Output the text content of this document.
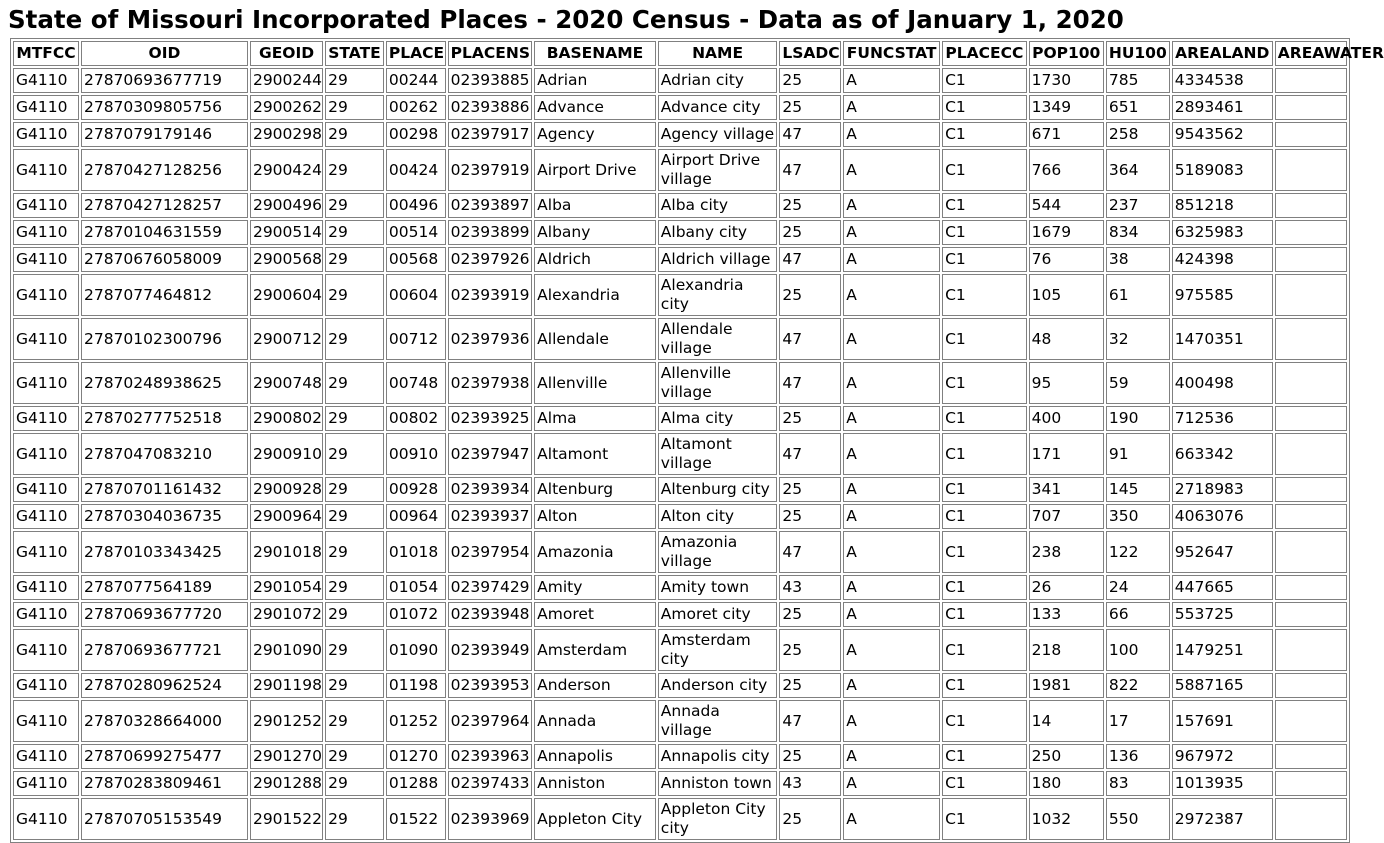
State of Missouri Incorporated Places - 2020 Census - Data as of January 1, 2020
MTFCC	OID	GEOID	STATE	PLACE	PLACENS	BASENAME	NAME	LSADC	FUNCSTAT	PLACECC	POP100	HU100	AREALAND	AREAWATER
G4110	27870693677719	2900244	29	00244	02393885	Adrian	Adrian city	25	A	C1	1730	785	4334538	
G4110	27870309805756	2900262	29	00262	02393886	Advance	Advance city	25	A	C1	1349	651	2893461	
G4110	2787079179146	2900298	29	00298	02397917	Agency	Agency village	47	A	C1	671	258	9543562	
G4110	27870427128256	2900424	29	00424	02397919	Airport Drive	Airport Drive village	47	A	C1	766	364	5189083	
G4110	27870427128257	2900496	29	00496	02393897	Alba	Alba city	25	A	C1	544	237	851218	
G4110	27870104631559	2900514	29	00514	02393899	Albany	Albany city	25	A	C1	1679	834	6325983	
G4110	27870676058009	2900568	29	00568	02397926	Aldrich	Aldrich village	47	A	C1	76	38	424398	
G4110	2787077464812	2900604	29	00604	02393919	Alexandria	Alexandria city	25	A	C1	105	61	975585	
G4110	27870102300796	2900712	29	00712	02397936	Allendale	Allendale village	47	A	C1	48	32	1470351	
G4110	27870248938625	2900748	29	00748	02397938	Allenville	Allenville village	47	A	C1	95	59	400498	
G4110	27870277752518	2900802	29	00802	02393925	Alma	Alma city	25	A	C1	400	190	712536	
G4110	2787047083210	2900910	29	00910	02397947	Altamont	Altamont village	47	A	C1	171	91	663342	
G4110	27870701161432	2900928	29	00928	02393934	Altenburg	Altenburg city	25	A	C1	341	145	2718983	
G4110	27870304036735	2900964	29	00964	02393937	Alton	Alton city	25	A	C1	707	350	4063076	
G4110	27870103343425	2901018	29	01018	02397954	Amazonia	Amazonia village	47	A	C1	238	122	952647	
G4110	2787077564189	2901054	29	01054	02397429	Amity	Amity town	43	A	C1	26	24	447665	
G4110	27870693677720	2901072	29	01072	02393948	Amoret	Amoret city	25	A	C1	133	66	553725	
G4110	27870693677721	2901090	29	01090	02393949	Amsterdam	Amsterdam city	25	A	C1	218	100	1479251	
G4110	27870280962524	2901198	29	01198	02393953	Anderson	Anderson city	25	A	C1	1981	822	5887165	
G4110	27870328664000	2901252	29	01252	02397964	Annada	Annada village	47	A	C1	14	17	157691	
G4110	27870699275477	2901270	29	01270	02393963	Annapolis	Annapolis city	25	A	C1	250	136	967972	
G4110	27870283809461	2901288	29	01288	02397433	Anniston	Anniston town	43	A	C1	180	83	1013935	
G4110	27870705153549	2901522	29	01522	02393969	Appleton City	Appleton City city	25	A	C1	1032	550	2972387	
